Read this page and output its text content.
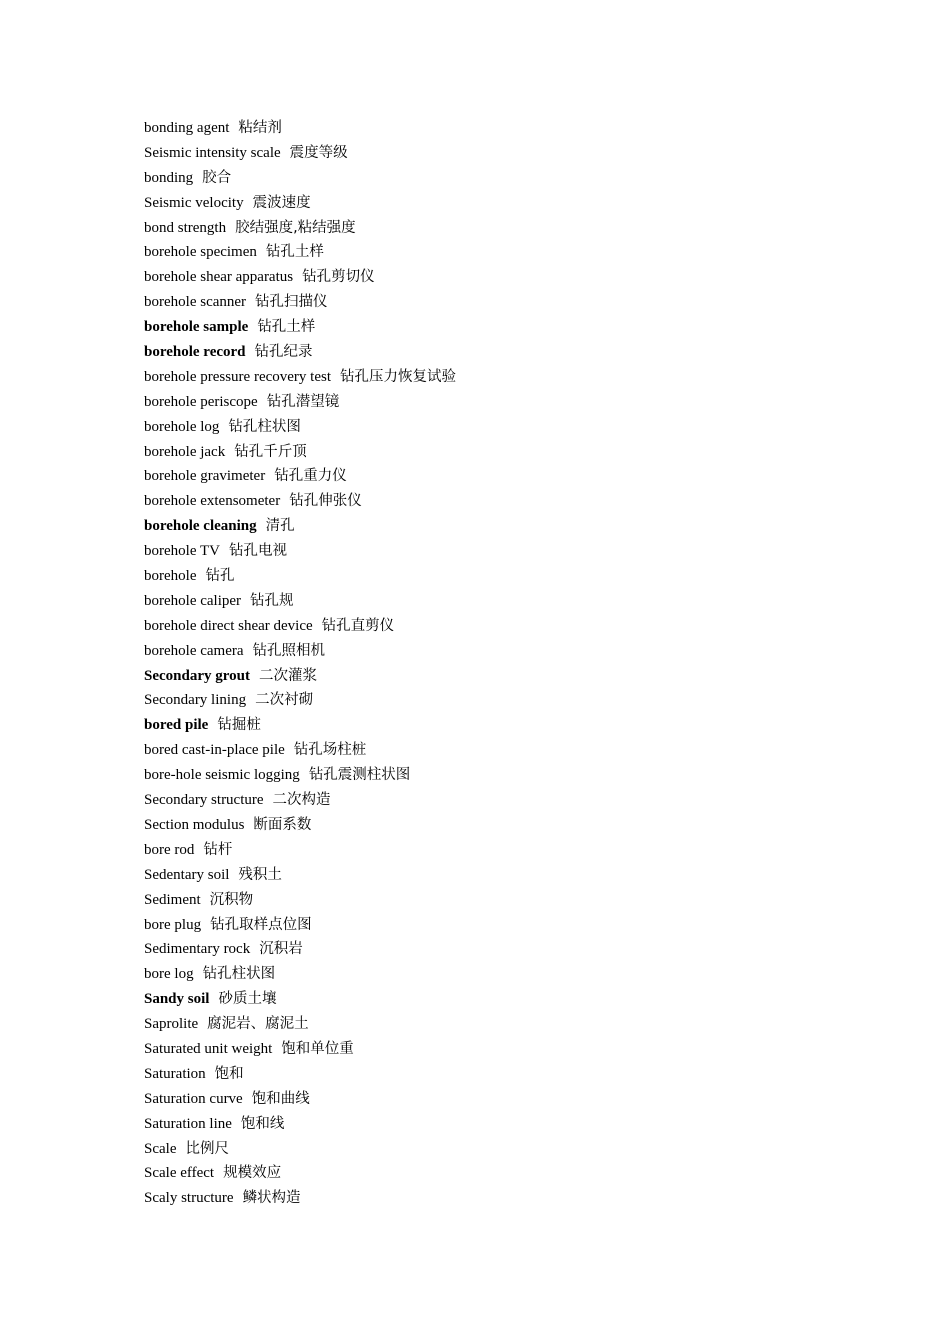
bonding agent 粘结剂
Seismic intensity scale 震度等级
bonding 胶合
Seismic velocity 震波速度
bond strength 胶结强度,粘结强度
borehole specimen 钻孔土样
borehole shear apparatus 钻孔剪切仪
borehole scanner 钻孔扫描仪
borehole sample 钻孔土样
borehole record 钻孔纪录
borehole pressure recovery test 钻孔压力恢复试验
borehole periscope 钻孔潜望镜
borehole log 钻孔柱状图
borehole jack 钻孔千斤顶
borehole gravimeter 钻孔重力仪
borehole extensometer 钻孔伸张仪
borehole cleaning 清孔
borehole TV 钻孔电视
borehole 钻孔
borehole caliper 钻孔规
borehole direct shear device 钻孔直剪仪
borehole camera 钻孔照相机
Secondary grout 二次灌浆
Secondary lining 二次衬砌
bored pile 钻掘桩
bored cast-in-place pile 钻孔场柱桩
bore-hole seismic logging 钻孔震测柱状图
Secondary structure 二次构造
Section modulus 断面系数
bore rod 钻杆
Sedentary soil 残积土
Sediment 沉积物
bore plug 钻孔取样点位图
Sedimentary rock 沉积岩
bore log 钻孔柱状图
Sandy soil 砂质土壤
Saprolite 腐泥岩、腐泥土
Saturated unit weight 饱和单位重
Saturation 饱和
Saturation curve 饱和曲线
Saturation line 饱和线
Scale 比例尺
Scale effect 规模效应
Scaly structure 鳞状构造
